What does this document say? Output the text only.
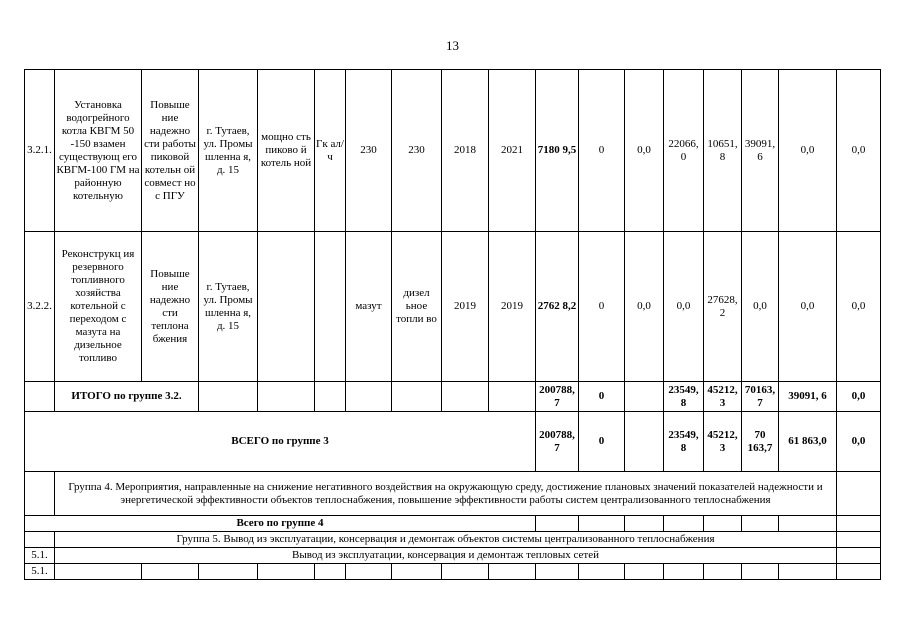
13
3.2.1.	Установка водогрейного котла КВГМ 50 -150 взамен существующ его КВГМ-100 ГМ на районную котельную	Повыше ние надежно сти работы пиковой котельн ой совмест но с ПГУ	г. Тутаев, ул. Промы шленна я, д. 15	мощно сть пиково й котель ной	Гк ал/ ч	230	230	2018	2021	7180 9,5	0	0,0	22066, 0	10651, 8	39091, 6	0,0	0,0	
3.2.2.	Реконструкц ия резервного топливного хозяйства котельной с переходом с мазута на дизельное топливо	Повыше ние надежно сти теплона бжения	г. Тутаев, ул. Промы шленна я, д. 15			мазут	дизел ьное топли во	2019	2019	2762 8,2	0	0,0	0,0	27628, 2	0,0	0,0	0,0	
	ИТОГО по группе 3.2.									200788, 7	0		23549, 8	45212, 3	70163, 7	39091, 6	0,0	
ВСЕГО по группе 3										200788, 7	0		23549, 8	45212, 3	70 163,7	61 863,0	0,0	
	Группа 4. Мероприятия, направленные на снижение негативного воздействия на окружающую среду, достижение плановых значений показателей надежности и энергетической эффективности объектов теплоснабжения, повышение эффективности работы систем централизованного теплоснабжения																	
Всего по группе 4																		
	Группа 5. Вывод из эксплуатации, консервация и демонтаж объектов системы централизованного теплоснабжения																	
5.1.	Вывод из эксплуатации, консервация и демонтаж тепловых сетей																	
5.1.																		
